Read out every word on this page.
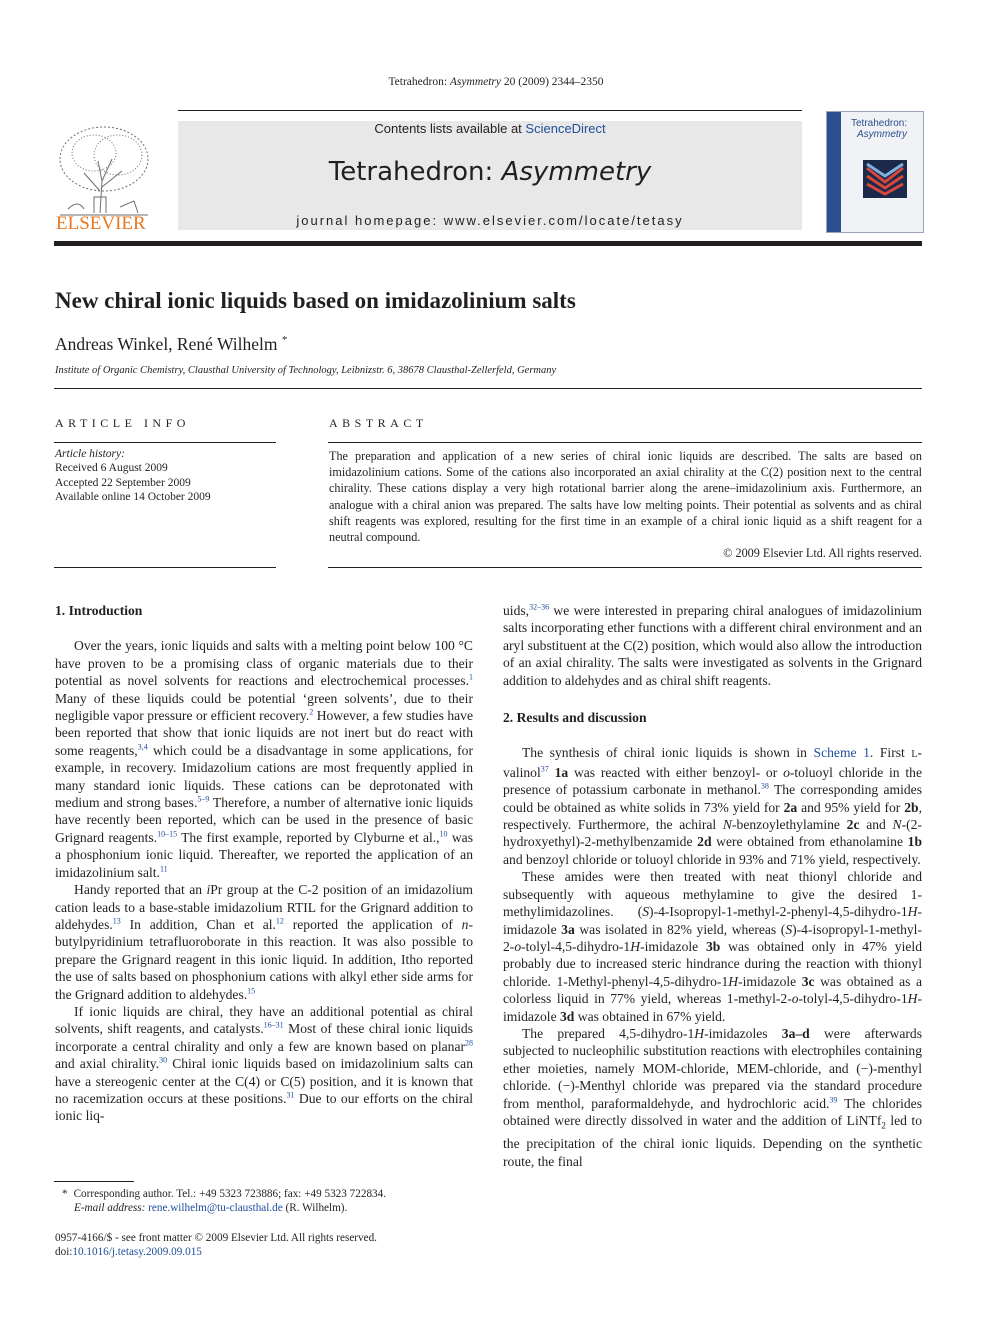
Tetrahedron: Asymmetry 20 (2009) 2344–2350
ELSEVIER
Contents lists available at ScienceDirect
Tetrahedron: Asymmetry
journal homepage: www.elsevier.com/locate/tetasy
Tetrahedron:
Asymmetry
New chiral ionic liquids based on imidazolinium salts
Andreas Winkel, René Wilhelm *
Institute of Organic Chemistry, Clausthal University of Technology, Leibnizstr. 6, 38678 Clausthal-Zellerfeld, Germany
ARTICLE INFO
Article history:
Received 6 August 2009
Accepted 22 September 2009
Available online 14 October 2009
ABSTRACT
The preparation and application of a new series of chiral ionic liquids are described. The salts are based on imidazolinium cations. Some of the cations also incorporated an axial chirality at the C(2) position next to the central chirality. These cations display a very high rotational barrier along the arene–imidazolinium axis. Furthermore, an analogue with a chiral anion was prepared. The salts have low melting points. Their potential as solvents and as chiral shift reagents was explored, resulting for the first time in an example of a chiral ionic liquid as a shift reagent for a neutral compound.
© 2009 Elsevier Ltd. All rights reserved.
1. Introduction

Over the years, ionic liquids and salts with a melting point below 100 °C have proven to be a promising class of organic materials due to their potential as novel solvents for reactions and electrochemical processes.$^1$ Many of these liquids could be potential ‘green solvents’, due to their negligible vapor pressure or efficient recovery.$^2$ However, a few studies have been reported that show that ionic liquids are not inert but do react with some reagents,$^{3,4}$ which could be a disadvantage in some applications, for example, in recovery. Imidazolium cations are most frequently applied in many standard ionic liquids. These cations can be deprotonated with medium and strong bases.$^{5-9}$ Therefore, a number of alternative ionic liquids have recently been reported, which can be used in the presence of basic Grignard reagents.$^{10-15}$ The first example, reported by Clyburne et al.,$^{10}$ was a phosphonium ionic liquid. Thereafter, we reported the application of an imidazolinium salt.$^{11}$

Handy reported that an iPr group at the C-2 position of an imidazolium cation leads to a base-stable imidazolium RTIL for the Grignard addition to aldehydes.$^{13}$ In addition, Chan et al.$^{12}$ reported the application of n-butylpyridinium tetrafluoroborate in this reaction. It was also possible to prepare the Grignard reagent in this ionic liquid. In addition, Itho reported the use of salts based on phosphonium cations with alkyl ether side arms for the Grignard addition to aldehydes.$^{15}$

If ionic liquids are chiral, they have an additional potential as chiral solvents, shift reagents, and catalysts.$^{16-31}$ Most of these chiral ionic liquids incorporate a central chirality and only a few are known based on planar$^{28}$ and axial chirality.$^{30}$ Chiral ionic liquids based on imidazolinium salts can have a stereogenic center at the C(4) or C(5) position, and it is known that no racemization occurs at these positions.$^{31}$ Due to our efforts on the chiral ionic liq-

uids,$^{32-36}$ we were interested in preparing chiral analogues of imidazolinium salts incorporating ether functions with a different chiral environment and an aryl substituent at the C(2) position, which would also allow the introduction of an axial chirality. The salts were investigated as solvents in the Grignard addition to aldehydes and as chiral shift reagents.

2. Results and discussion

The synthesis of chiral ionic liquids is shown in Scheme 1. First L-valinol$^{37}$ 1a was reacted with either benzoyl- or o-toluoyl chloride in the presence of potassium carbonate in methanol.$^{38}$ The corresponding amides could be obtained as white solids in 73% yield for 2a and 95% yield for 2b, respectively. Furthermore, the achiral N-benzoylethylamine 2c and N-(2-hydroxyethyl)-2-methylbenzamide 2d were obtained from ethanolamine 1b and benzoyl chloride or toluoyl chloride in 93% and 71% yield, respectively.

These amides were then treated with neat thionyl chloride and subsequently with aqueous methylamine to give the desired 1-methylimidazolines. (S)-4-Isopropyl-1-methyl-2-phenyl-4,5-dihydro-1H-imidazole 3a was isolated in 82% yield, whereas (S)-4-isopropyl-1-methyl-2-o-tolyl-4,5-dihydro-1H-imidazole 3b was obtained only in 47% yield probably due to increased steric hindrance during the reaction with thionyl chloride. 1-Methyl-phenyl-4,5-dihydro-1H-imidazole 3c was obtained as a colorless liquid in 77% yield, whereas 1-methyl-2-o-tolyl-4,5-dihydro-1H-imidazole 3d was obtained in 67% yield.

The prepared 4,5-dihydro-1H-imidazoles 3a–d were afterwards subjected to nucleophilic substitution reactions with electrophiles containing ether moieties, namely MOM-chloride, MEM-chloride, and (−)-menthyl chloride. (−)-Menthyl chloride was prepared via the standard procedure from menthol, paraformaldehyde, and hydrochloric acid.$^{39}$ The chlorides obtained were directly dissolved in water and the addition of LiNTf$_2$ led to the precipitation of the chiral ionic liquids. Depending on the synthetic route, the final

* Corresponding author. Tel.: +49 5323 723886; fax: +49 5323 722834.
E-mail address: rene.wilhelm@tu-clausthal.de (R. Wilhelm).
0957-4166/$ - see front matter © 2009 Elsevier Ltd. All rights reserved.
doi:10.1016/j.tetasy.2009.09.015
